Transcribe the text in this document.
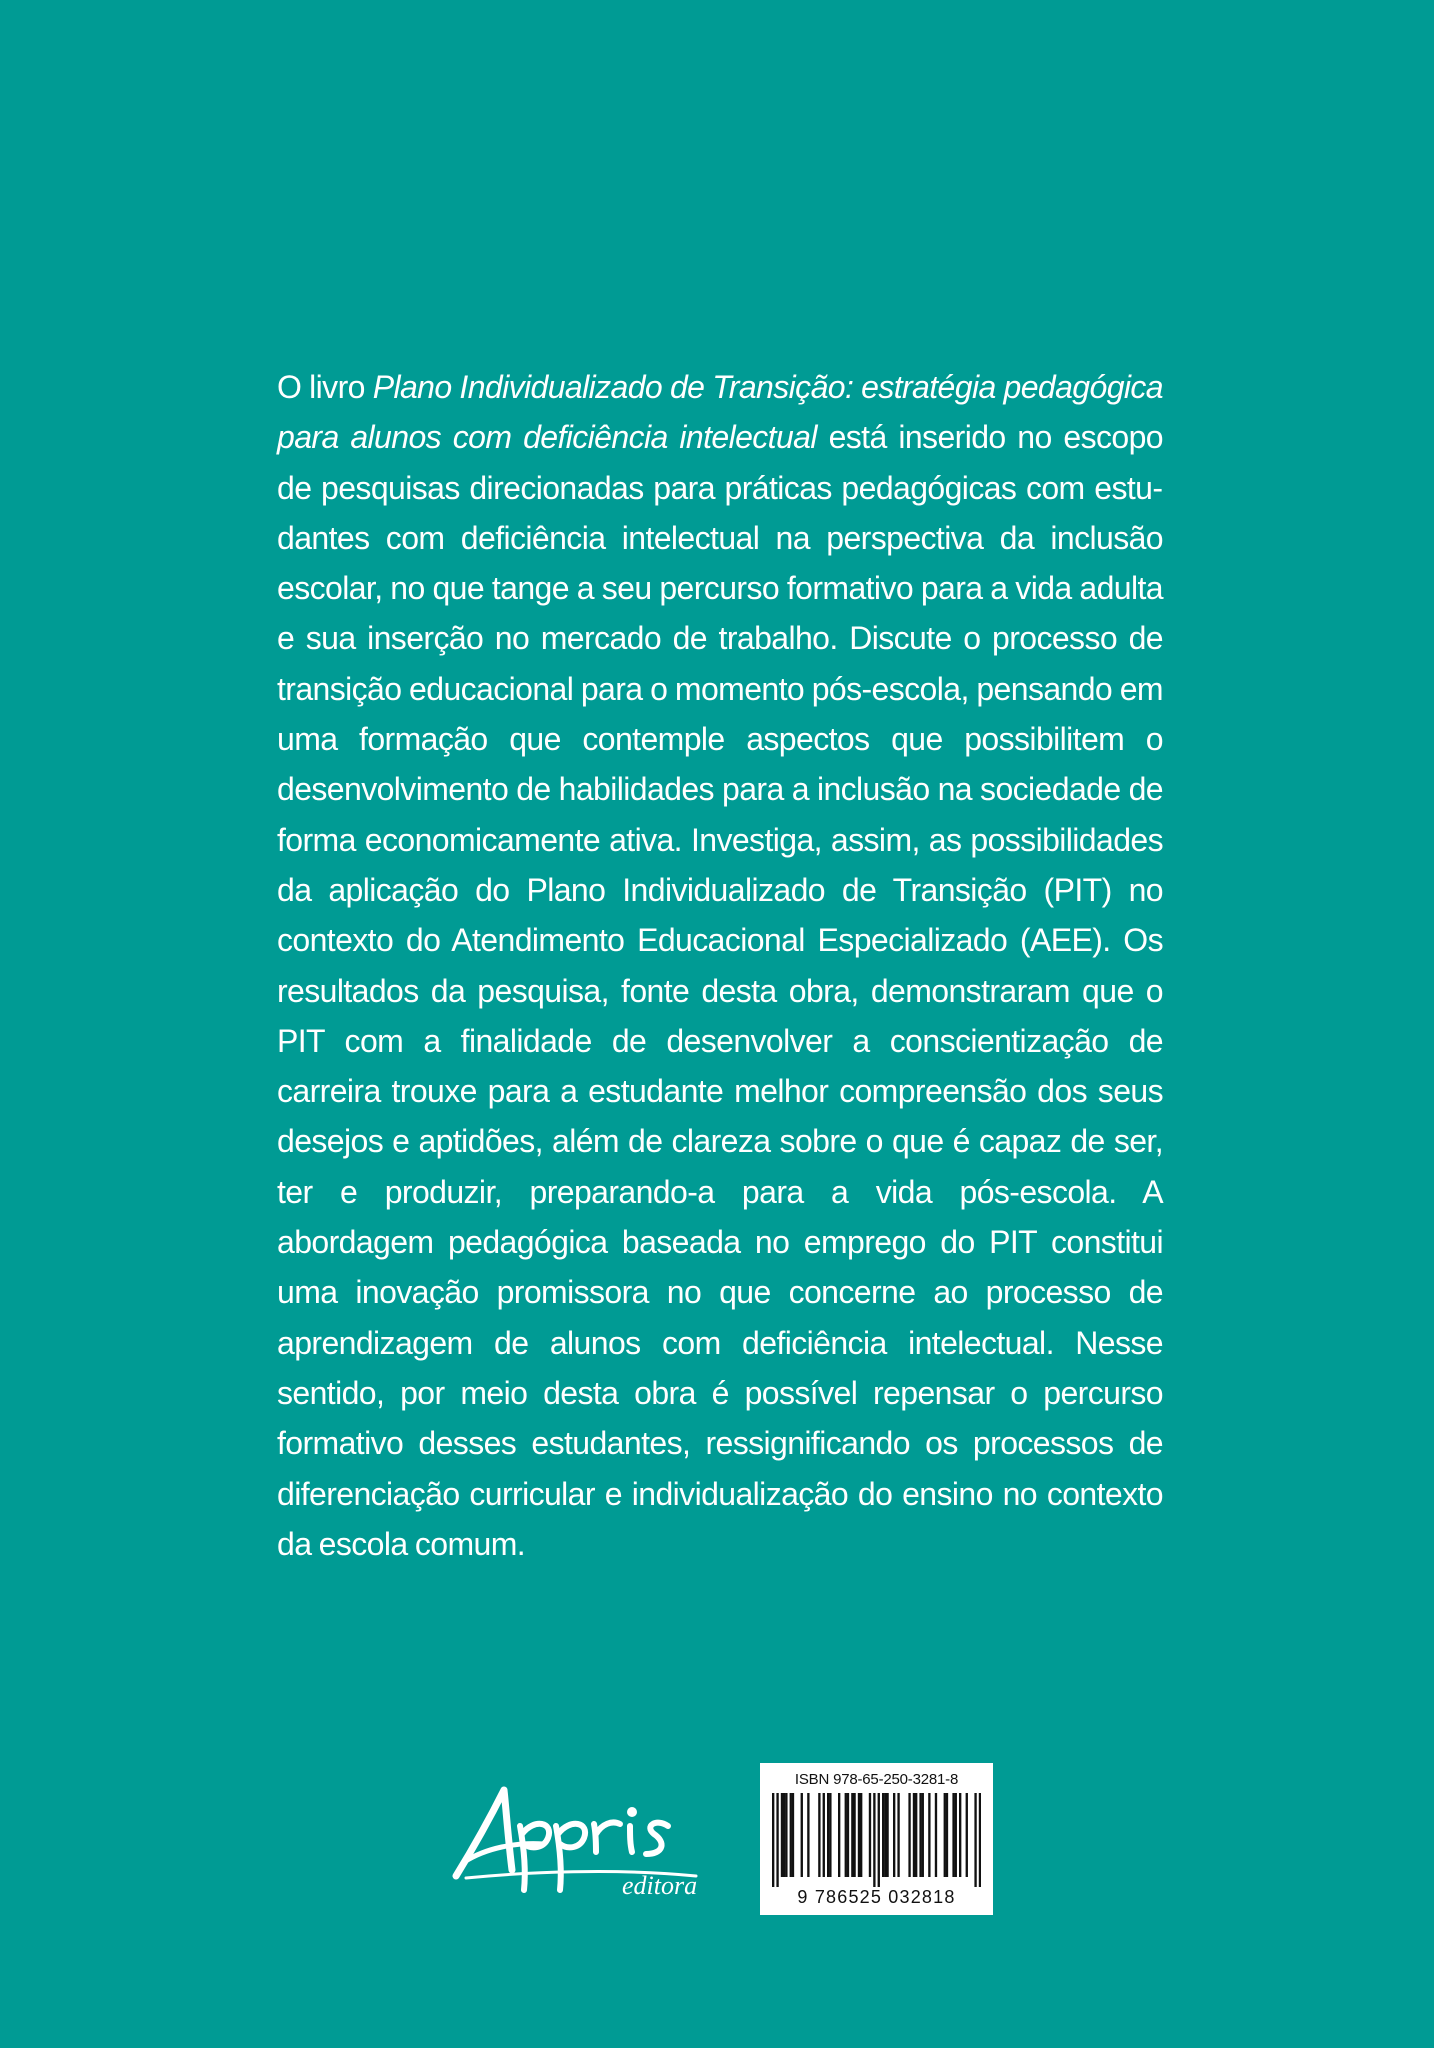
O livro Plano Individualizado de Transição: estratégia pedagógica para alunos com deficiência intelectual está inserido no escopo de pesquisas direcionadas para práticas pedagógicas com estudantes com deficiência intelectual na perspectiva da inclusão escolar, no que tange a seu percurso formativo para a vida adulta e sua inserção no mercado de trabalho. Discute o processo de transição educacional para o momento pós-escola, pensando em uma formação que contemple aspectos que possibilitem o desenvolvimento de habilidades para a inclusão na sociedade de forma economicamente ativa. Investiga, assim, as possibilidades da aplicação do Plano Individualizado de Transição (PIT) no contexto do Atendimento Educacional Especializado (AEE). Os resultados da pesquisa, fonte desta obra, demonstraram que o PIT com a finalidade de desenvolver a conscientização de carreira trouxe para a estudante melhor compreensão dos seus desejos e aptidões, além de clareza sobre o que é capaz de ser, ter e produzir, preparando-a para a vida pós-escola. A abordagem pedagógica baseada no emprego do PIT constitui uma inovação promissora no que concerne ao processo de aprendizagem de alunos com deficiência intelectual. Nesse sentido, por meio desta obra é possível repensar o percurso formativo desses estudantes, ressignificando os processos de diferenciação curricular e individualização do ensino no contexto da escola comum.

editora
ISBN 978-65-250-3281-8
9 786525 032818
